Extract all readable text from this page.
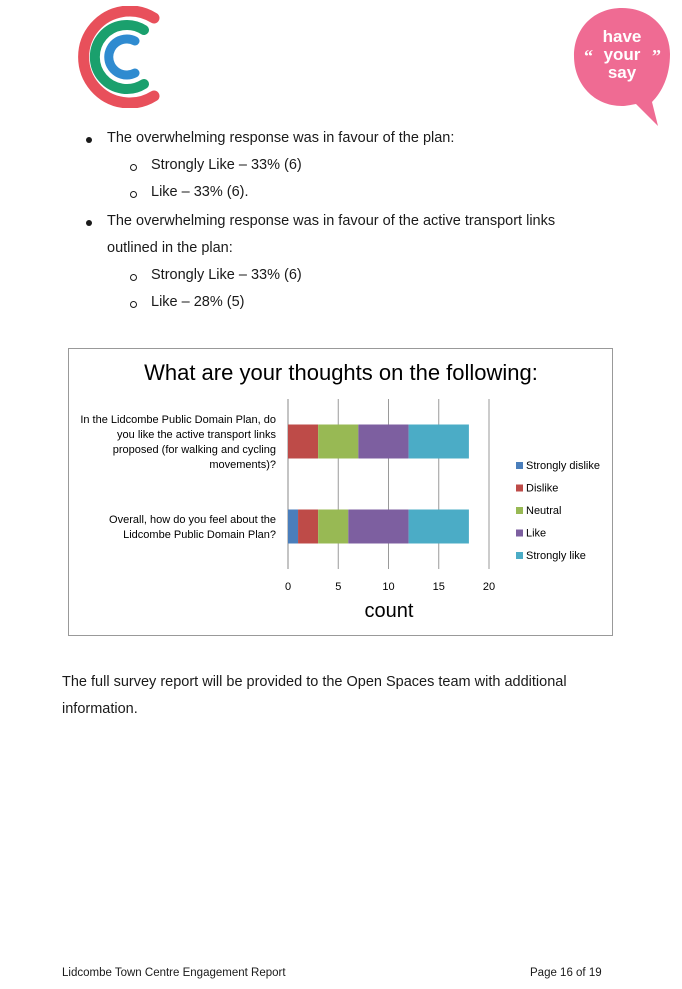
have
your
say
“	”
The overwhelming response was in favour of the plan:
Strongly Like – 33% (6)
Like – 33% (6).
The overwhelming response was in favour of the active transport links
outlined in the plan:
Strongly Like – 33% (6)
Like – 28% (5)
What are your thoughts on the following:
count
0	5	10	15	20
In the Lidcombe Public Domain Plan, do
you like the active transport links
proposed (for walking and cycling
movements)?
Overall, how do you feel about the
Lidcombe Public Domain Plan?
Strongly dislike
Dislike
Neutral
Like
Strongly like
The full survey report will be provided to the Open Spaces team with additional
information.
Lidcombe Town Centre Engagement Report	Page 16 of 19
